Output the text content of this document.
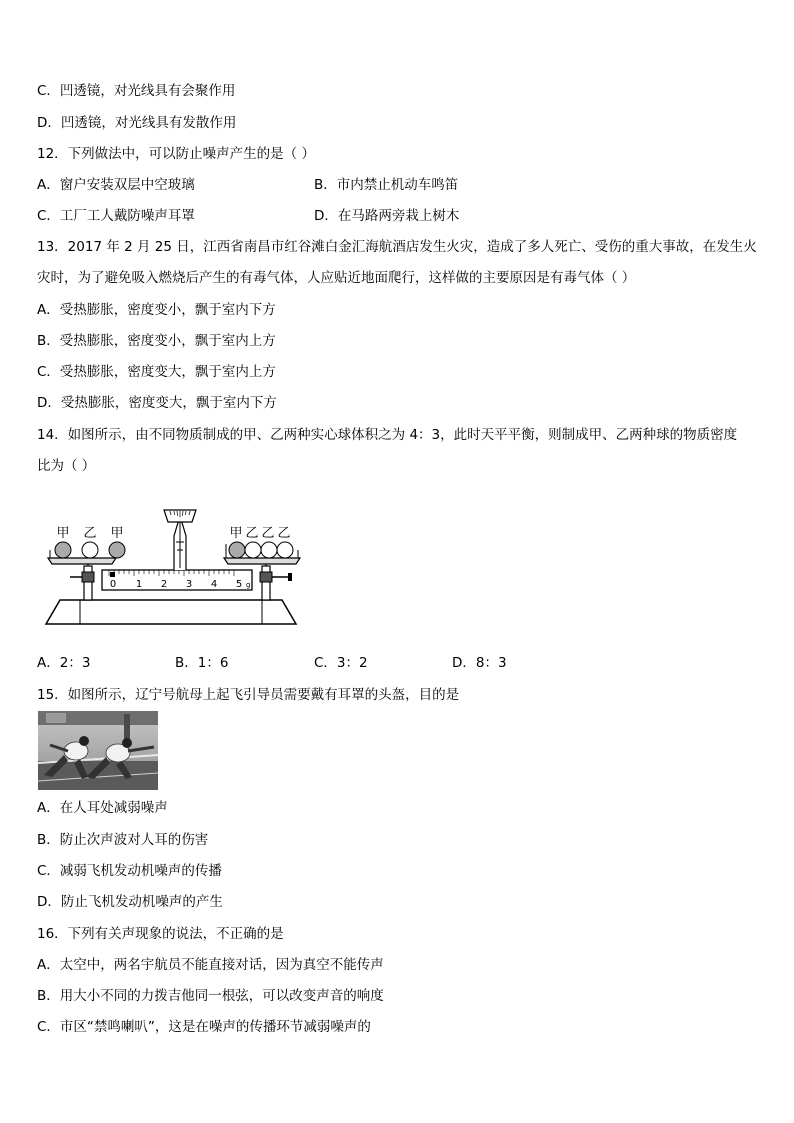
C．凹透镜，对光线具有会聚作用
D．凹透镜，对光线具有发散作用
12．下列做法中，可以防止噪声产生的是（ ）
A．窗户安装双层中空玻璃	B．市内禁止机动车鸣笛
C．工厂工人戴防噪声耳罩	D．在马路两旁栽上树木
13．2017 年 2 月 25 日，江西省南昌市红谷滩白金汇海航酒店发生火灾，造成了多人死亡、受伤的重大事故，在发生火
灾时，为了避免吸入燃烧后产生的有毒气体，人应贴近地面爬行，这样做的主要原因是有毒气体（ ）
A．受热膨胀，密度变小，飘于室内下方
B．受热膨胀，密度变小，飘于室内上方
C．受热膨胀，密度变大，飘于室内上方
D．受热膨胀，密度变大，飘于室内下方
14．如图所示，由不同物质制成的甲、乙两种实心球体积之为 4：3，此时天平平衡，则制成甲、乙两种球的物质密度
比为（ ）
0 1 2 3 4 5 g
甲 乙 甲	甲 乙 乙 乙
A．2：3	B．1：6	C．3：2	D．8：3
15．如图所示，辽宁号航母上起飞引导员需要戴有耳罩的头盔，目的是
A．在人耳处减弱噪声
B．防止次声波对人耳的伤害
C．减弱飞机发动机噪声的传播
D．防止飞机发动机噪声的产生
16．下列有关声现象的说法，不正确的是
A．太空中，两名宇航员不能直接对话，因为真空不能传声
B．用大小不同的力拨吉他同一根弦，可以改变声音的响度
C．市区“禁鸣喇叭”，这是在噪声的传播环节减弱噪声的
